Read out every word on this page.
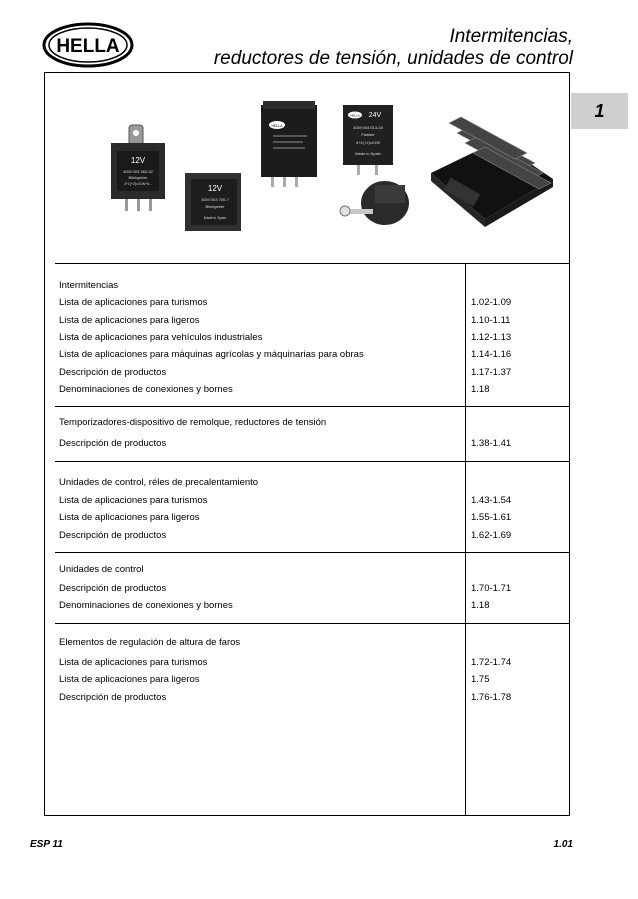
HELLA	Intermitencias,
reductores de tensión, unidades de control
1
12V
4DM 003 360-02
Blinkgeber
2+1(+2)x21W+5...	12V
4DM 003 750-?
Blinkgeber
Made in Spain
HELLA
HELLA 24V
4DM 004 513-03
Flasher
4+1(+2)x21W
Made in Spain
Intermitencias
Lista de aplicaciones para turismos	1.02-1.09
Lista de aplicaciones para ligeros	1.10-1.11
Lista de aplicaciones para vehículos industriales	1.12-1.13
Lista de aplicaciones para máquinas agrícolas y máquinarias para obras	1.14-1.16
Descripción de productos	1.17-1.37
Denominaciones de conexiones y bornes	1.18
Temporizadores-dispositivo de remolque, reductores de tensión
Descripción de productos	1.38-1.41
Unidades de control, réles de precalentamiento
Lista de aplicaciones para turismos	1.43-1.54
Lista de aplicaciones para ligeros	1.55-1.61
Descripción de productos	1.62-1.69
Unidades de control
Descripción de productos	1.70-1.71
Denominaciones de conexiones y bornes	1.18
Elementos de regulación de altura de faros
Lista de aplicaciones para turismos	1.72-1.74
Lista de aplicaciones para ligeros	1.75
Descripción de productos	1.76-1.78
ESP 11	1.01
